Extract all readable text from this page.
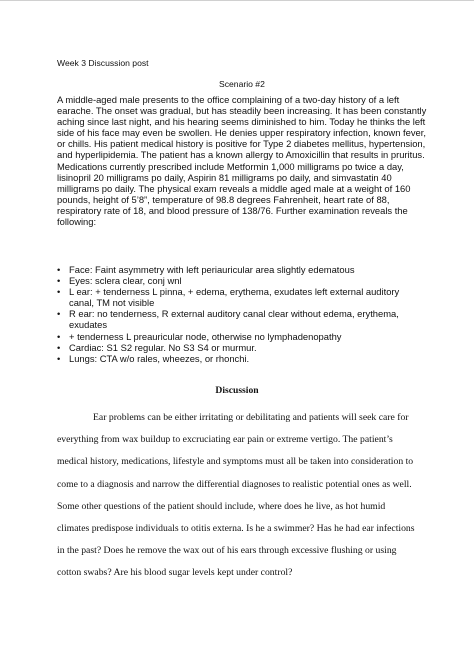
Week 3 Discussion post
Scenario #2

A middle-aged male presents to the office complaining of a two-day history of a left earache. The onset was gradual, but has steadily been increasing. It has been constantly aching since last night, and his hearing seems diminished to him. Today he thinks the left side of his face may even be swollen. He denies upper respiratory infection, known fever, or chills. His patient medical history is positive for Type 2 diabetes mellitus, hypertension, and hyperlipidemia. The patient has a known allergy to Amoxicillin that results in pruritus. Medications currently prescribed include Metformin 1,000 milligrams po twice a day, lisinopril 20 milligrams po daily, Aspirin 81 milligrams po daily, and simvastatin 40 milligrams po daily. The physical exam reveals a middle aged male at a weight of 160 pounds, height of 5’8”, temperature of 98.8 degrees Fahrenheit, heart rate of 88, respiratory rate of 18, and blood pressure of 138/76. Further examination reveals the following:

• Face: Faint asymmetry with left periauricular area slightly edematous
• Eyes: sclera clear, conj wnl
• L ear: + tenderness L pinna, + edema, erythema, exudates left external auditory canal, TM not visible
• R ear: no tenderness, R external auditory canal clear without edema, erythema, exudates
• + tenderness L preauricular node, otherwise no lymphadenopathy
• Cardiac: S1 S2 regular. No S3 S4 or murmur.
• Lungs: CTA w/o rales, wheezes, or rhonchi.
Discussion

Ear problems can be either irritating or debilitating and patients will seek care for everything from wax buildup to excruciating ear pain or extreme vertigo. The patient’s medical history, medications, lifestyle and symptoms must all be taken into consideration to come to a diagnosis and narrow the differential diagnoses to realistic potential ones as well. Some other questions of the patient should include, where does he live, as hot humid climates predispose individuals to otitis externa. Is he a swimmer? Has he had ear infections in the past? Does he remove the wax out of his ears through excessive flushing or using cotton swabs? Are his blood sugar levels kept under control?
